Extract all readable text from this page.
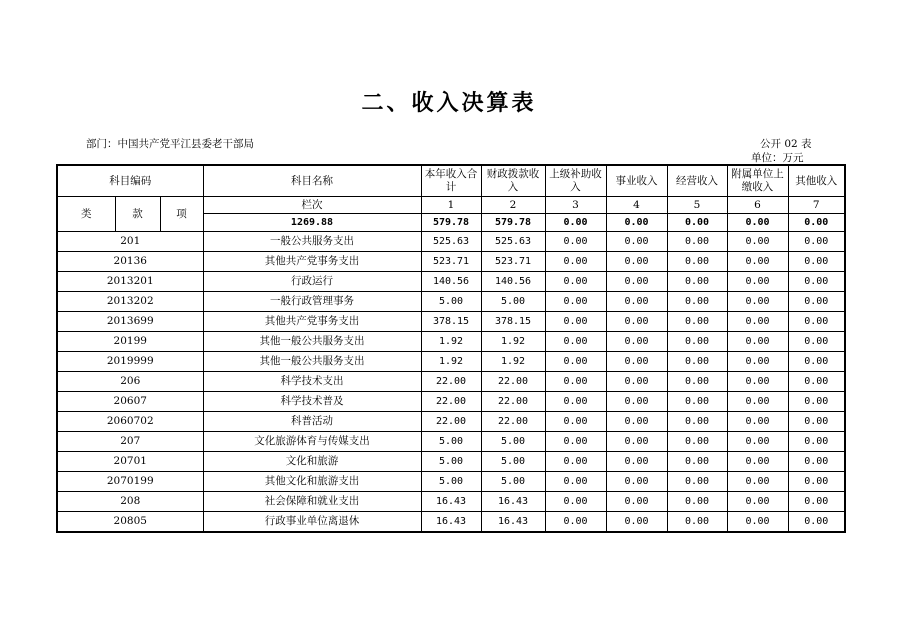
二、收入决算表
部门：中国共产党平江县委老干部局	公开 02 表
单位：万元
科目编码			科目名称	本年收入合计	财政拨款收入	上级补助收入	事业收入	经营收入	附属单位上缴收入	其他收入
类	款	项	栏次	1	2	3	4	5	6	7
			1269.88	579.78	579.78	0.00	0.00	0.00	0.00	0.00
201			一般公共服务支出	525.63	525.63	0.00	0.00	0.00	0.00	0.00
20136			其他共产党事务支出	523.71	523.71	0.00	0.00	0.00	0.00	0.00
2013201			行政运行	140.56	140.56	0.00	0.00	0.00	0.00	0.00
2013202			一般行政管理事务	5.00	5.00	0.00	0.00	0.00	0.00	0.00
2013699			其他共产党事务支出	378.15	378.15	0.00	0.00	0.00	0.00	0.00
20199			其他一般公共服务支出	1.92	1.92	0.00	0.00	0.00	0.00	0.00
2019999			其他一般公共服务支出	1.92	1.92	0.00	0.00	0.00	0.00	0.00
206			科学技术支出	22.00	22.00	0.00	0.00	0.00	0.00	0.00
20607			科学技术普及	22.00	22.00	0.00	0.00	0.00	0.00	0.00
2060702			科普活动	22.00	22.00	0.00	0.00	0.00	0.00	0.00
207			文化旅游体育与传媒支出	5.00	5.00	0.00	0.00	0.00	0.00	0.00
20701			文化和旅游	5.00	5.00	0.00	0.00	0.00	0.00	0.00
2070199			其他文化和旅游支出	5.00	5.00	0.00	0.00	0.00	0.00	0.00
208			社会保障和就业支出	16.43	16.43	0.00	0.00	0.00	0.00	0.00
20805			行政事业单位离退休	16.43	16.43	0.00	0.00	0.00	0.00	0.00
